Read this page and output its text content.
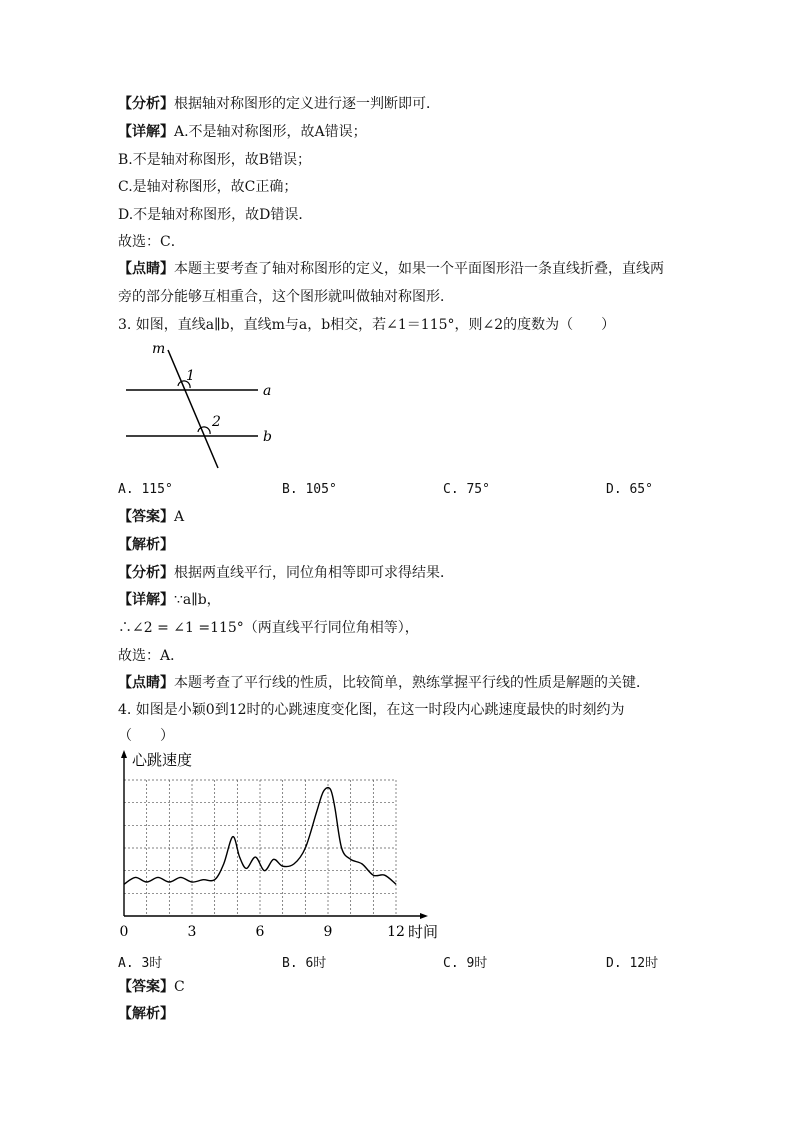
【分析】根据轴对称图形的定义进行逐一判断即可．
【详解】A.不是轴对称图形，故A错误；
B.不是轴对称图形，故B错误；
C.是轴对称图形，故C正确；
D.不是轴对称图形，故D错误．
故选：C．
【点睛】本题主要考查了轴对称图形的定义，如果一个平面图形沿一条直线折叠，直线两
旁的部分能够互相重合，这个图形就叫做轴对称图形．
3. 如图，直线a∥b，直线m与a，b相交，若∠1＝115°，则∠2的度数为（　　）
m
1
2
a
b
A. 115°	B. 105°	C. 75°	D. 65°
【答案】A
【解析】
【分析】根据两直线平行，同位角相等即可求得结果．
【详解】∵a∥b，
∴∠2 = ∠1 =115°（两直线平行同位角相等），
故选：A．
【点睛】本题考查了平行线的性质，比较简单，熟练掌握平行线的性质是解题的关键．
4. 如图是小颖0到12时的心跳速度变化图，在这一时段内心跳速度最快的时刻约为
（　　）
心跳速度
时间
0	3	6	9	12
A. 3时	B. 6时	C. 9时	D. 12时
【答案】C
【解析】
